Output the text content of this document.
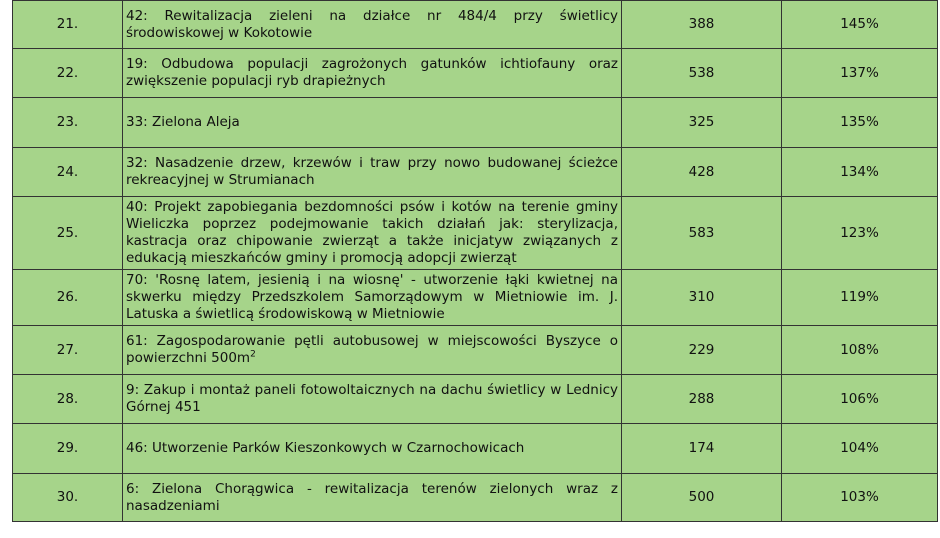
21.	42: Rewitalizacja zieleni na działce nr 484/4 przy świetlicy środowiskowej w Kokotowie	388	145%
22.	19: Odbudowa populacji zagrożonych gatunków ichtiofauny oraz zwiększenie populacji ryb drapieżnych	538	137%
23.	33: Zielona Aleja	325	135%
24.	32: Nasadzenie drzew, krzewów i traw przy nowo budowanej ścieżce rekreacyjnej w Strumianach	428	134%
25.	40: Projekt zapobiegania bezdomności psów i kotów na terenie gminy Wieliczka poprzez podejmowanie takich działań jak: sterylizacja, kastracja oraz chipowanie zwierząt a także inicjatyw związanych z edukacją mieszkańców gminy i promocją adopcji zwierząt	583	123%
26.	70: 'Rosnę latem, jesienią i na wiosnę' - utworzenie łąki kwietnej na skwerku między Przedszkolem Samorządowym w Mietniowie im. J. Latuska a świetlicą środowiskową w Mietniowie	310	119%
27.	61: Zagospodarowanie pętli autobusowej w miejscowości Byszyce o powierzchni $500m^2$	229	108%
28.	9: Zakup i montaż paneli fotowoltaicznych na dachu świetlicy w Lednicy Górnej 451	288	106%
29.	46: Utworzenie Parków Kieszonkowych w Czarnochowicach	174	104%
30.	6: Zielona Chorągwica - rewitalizacja terenów zielonych wraz z nasadzeniami	500	103%
